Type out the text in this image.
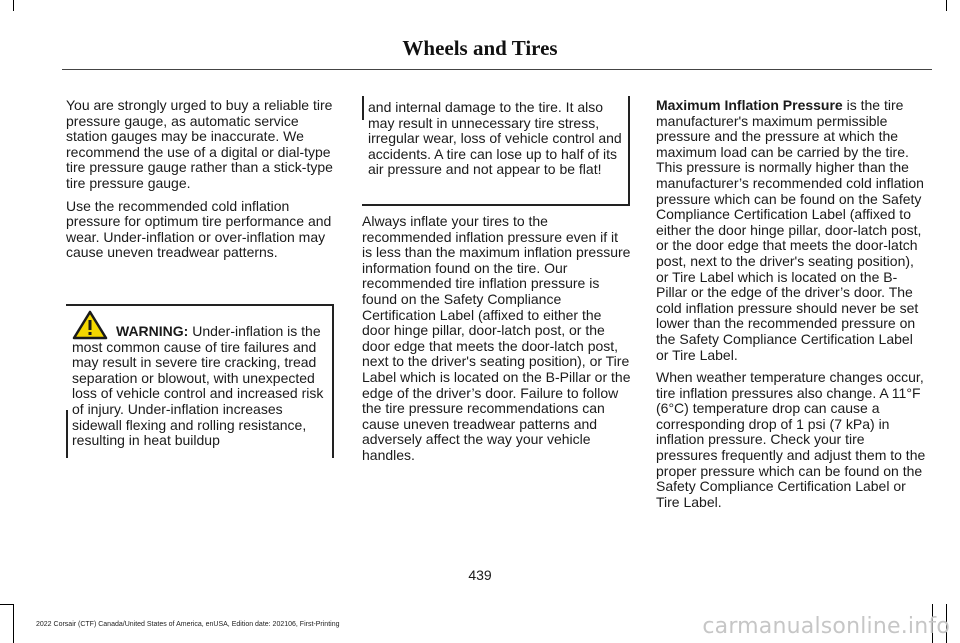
Wheels and Tires

You are strongly urged to buy a reliable tire pressure gauge, as automatic service station gauges may be inaccurate. We recommend the use of a digital or dial-type tire pressure gauge rather than a stick-type tire pressure gauge.

Use the recommended cold inflation pressure for optimum tire performance and wear. Under-inflation or over-inflation may cause uneven treadwear patterns.

WARNING: Under-inflation is the most common cause of tire failures and may result in severe tire cracking, tread separation or blowout, with unexpected loss of vehicle control and increased risk of injury. Under-inflation increases sidewall flexing and rolling resistance, resulting in heat buildup
and internal damage to the tire. It also may result in unnecessary tire stress, irregular wear, loss of vehicle control and accidents. A tire can lose up to half of its air pressure and not appear to be flat!

Always inflate your tires to the recommended inflation pressure even if it is less than the maximum inflation pressure information found on the tire. Our recommended tire inflation pressure is found on the Safety Compliance Certification Label (affixed to either the door hinge pillar, door-latch post, or the door edge that meets the door-latch post, next to the driver's seating position), or Tire Label which is located on the B-Pillar or the edge of the driver’s door. Failure to follow the tire pressure recommendations can cause uneven treadwear patterns and adversely affect the way your vehicle handles.

Maximum Inflation Pressure is the tire manufacturer's maximum permissible pressure and the pressure at which the maximum load can be carried by the tire. This pressure is normally higher than the manufacturer’s recommended cold inflation pressure which can be found on the Safety Compliance Certification Label (affixed to either the door hinge pillar, door-latch post, or the door edge that meets the door-latch post, next to the driver's seating position), or Tire Label which is located on the B-Pillar or the edge of the driver’s door. The cold inflation pressure should never be set lower than the recommended pressure on the Safety Compliance Certification Label or Tire Label.

When weather temperature changes occur, tire inflation pressures also change. A 11°F (6°C) temperature drop can cause a corresponding drop of 1 psi (7 kPa) in inflation pressure. Check your tire pressures frequently and adjust them to the proper pressure which can be found on the Safety Compliance Certification Label or Tire Label.

439
2022 Corsair (CTF) Canada/United States of America, enUSA, Edition date: 202106, First-Printing	carmanualsonline.info
